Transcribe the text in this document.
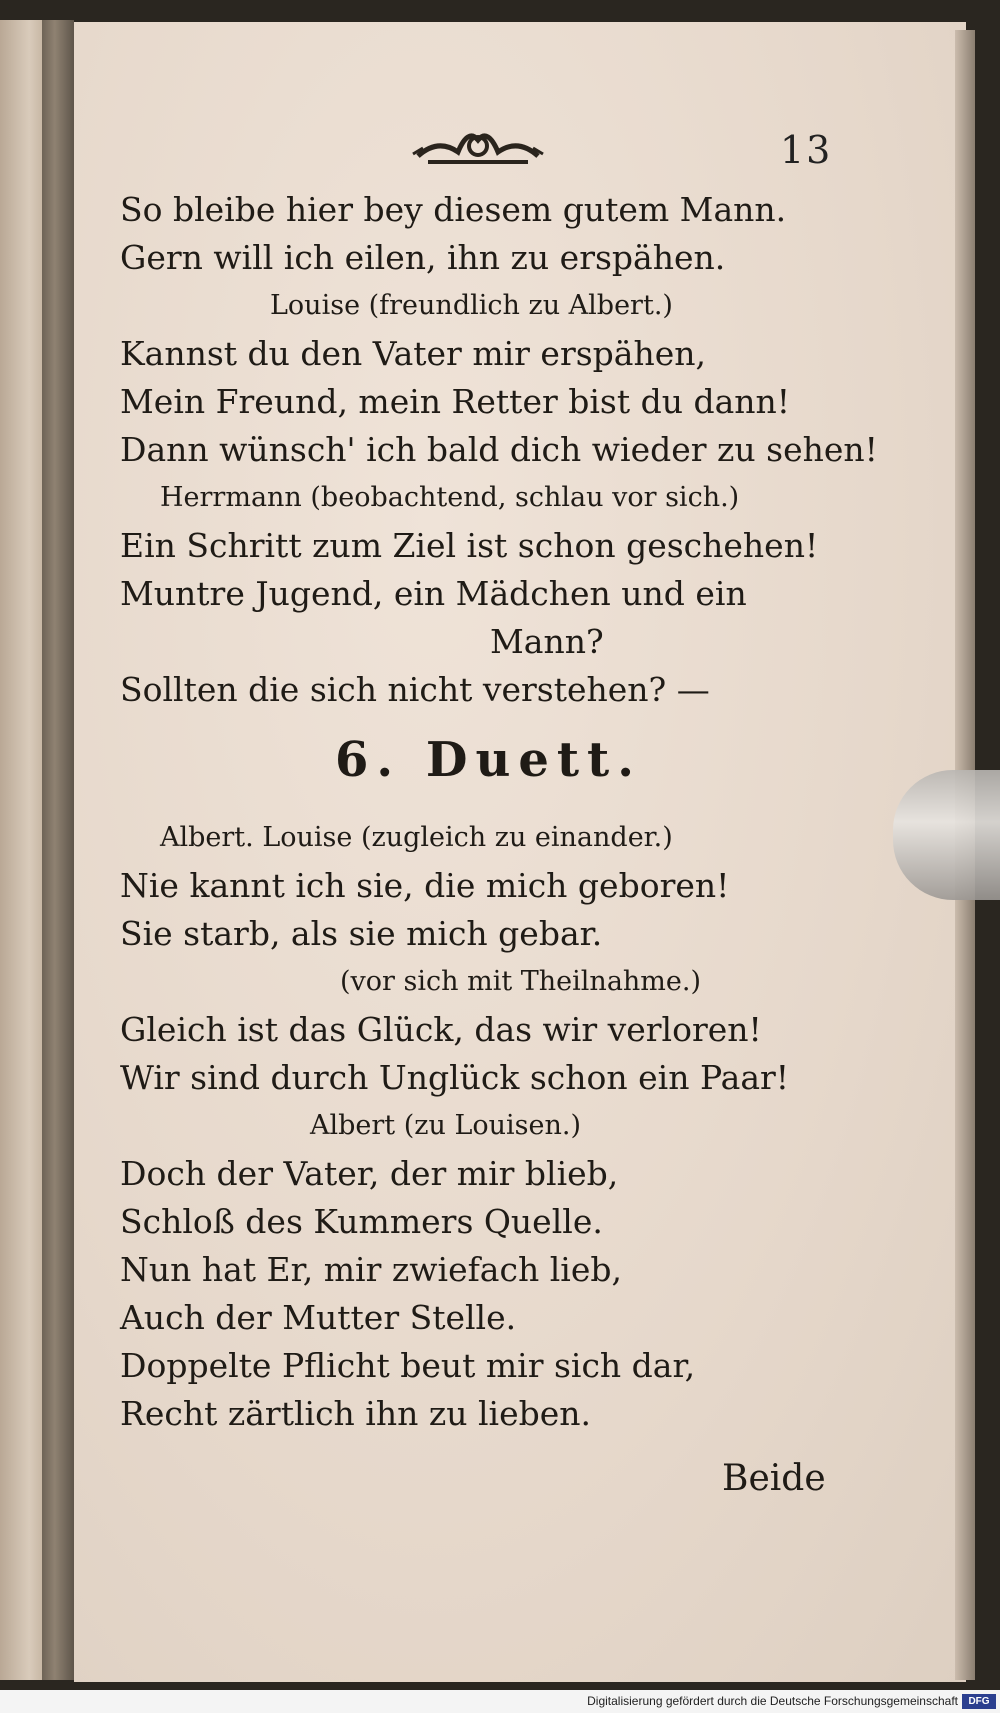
13
So bleibe hier bey diesem gutem Mann.
Gern will ich eilen, ihn zu erspähen.
Louise (freundlich zu Albert.)
Kannst du den Vater mir erspähen,
Mein Freund, mein Retter bist du dann!
Dann wünsch' ich bald dich wieder zu sehen!
Herrmann (beobachtend, schlau vor sich.)
Ein Schritt zum Ziel ist schon geschehen!
Muntre Jugend, ein Mädchen und ein
Mann?
Sollten die sich nicht verstehen? —
6. Duett.
Albert. Louise (zugleich zu einander.)
Nie kannt ich sie, die mich geboren!
Sie starb, als sie mich gebar.
(vor sich mit Theilnahme.)
Gleich ist das Glück, das wir verloren!
Wir sind durch Unglück schon ein Paar!
Albert (zu Louisen.)
Doch der Vater, der mir blieb,
Schloß des Kummers Quelle.
Nun hat Er, mir zwiefach lieb,
Auch der Mutter Stelle.
Doppelte Pflicht beut mir sich dar,
Recht zärtlich ihn zu lieben.
Beide
Digitalisierung gefördert durch die Deutsche Forschungsgemeinschaft	DFG
